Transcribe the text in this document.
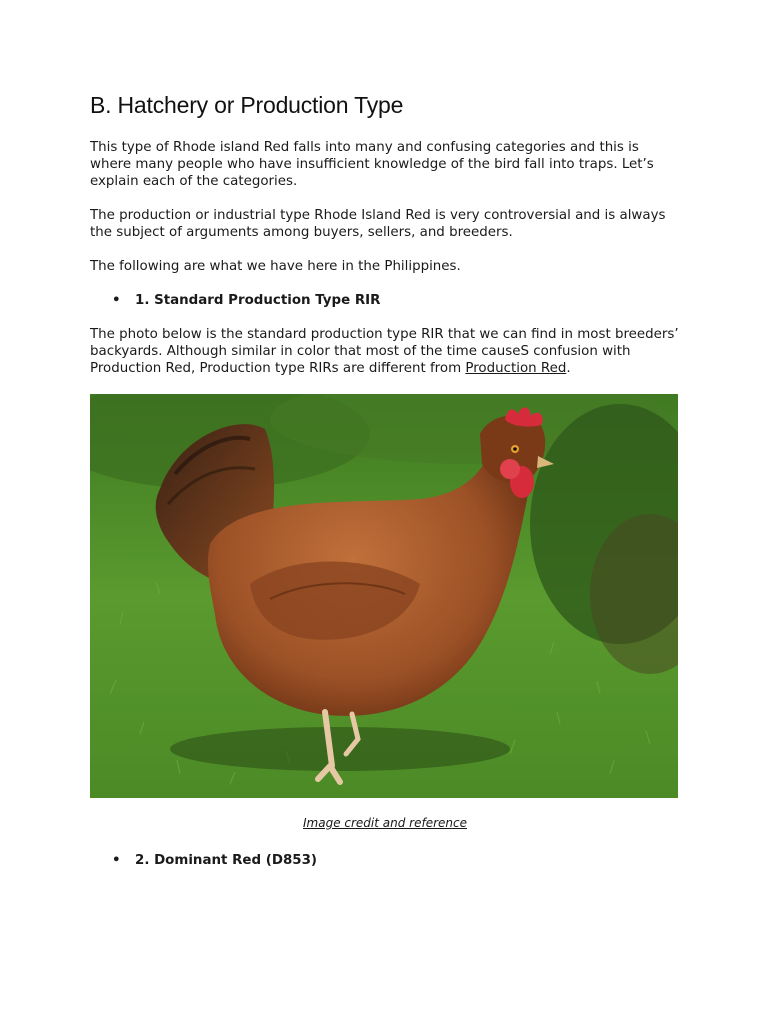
B. Hatchery or Production Type

This type of Rhode island Red falls into many and confusing categories and this is where many people who have insufficient knowledge of the bird fall into traps. Let’s explain each of the categories.

The production or industrial type Rhode Island Red is very controversial and is always the subject of arguments among buyers, sellers, and breeders.

The following are what we have here in the Philippines.

• 1. Standard Production Type RIR

The photo below is the standard production type RIR that we can find in most breeders’ backyards. Although similar in color that most of the time causeS confusion with Production Red, Production type RIRs are different from Production Red.

Image credit and reference
• 2. Dominant Red (D853)
